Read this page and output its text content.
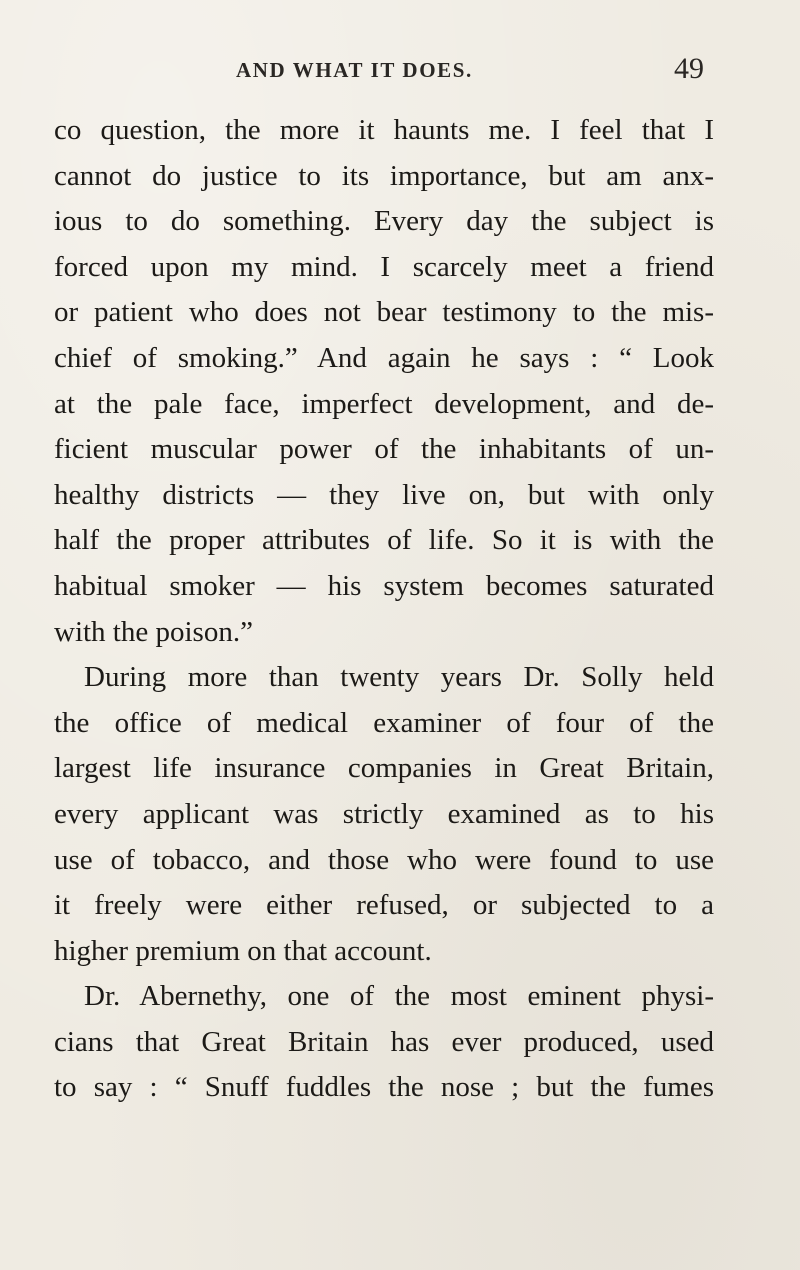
AND WHAT IT DOES.	49
co question, the more it haunts me. I feel that I
cannot do justice to its importance, but am anx-
ious to do something. Every day the subject is
forced upon my mind. I scarcely meet a friend
or patient who does not bear testimony to the mis-
chief of smoking.” And again he says : “ Look
at the pale face, imperfect development, and de-
ficient muscular power of the inhabitants of un-
healthy districts — they live on, but with only
half the proper attributes of life. So it is with the
habitual smoker — his system becomes saturated
with the poison.”
During more than twenty years Dr. Solly held
the office of medical examiner of four of the
largest life insurance companies in Great Britain,
every applicant was strictly examined as to his
use of tobacco, and those who were found to use
it freely were either refused, or subjected to a
higher premium on that account.
Dr. Abernethy, one of the most eminent physi-
cians that Great Britain has ever produced, used
to say : “ Snuff fuddles the nose ; but the fumes
